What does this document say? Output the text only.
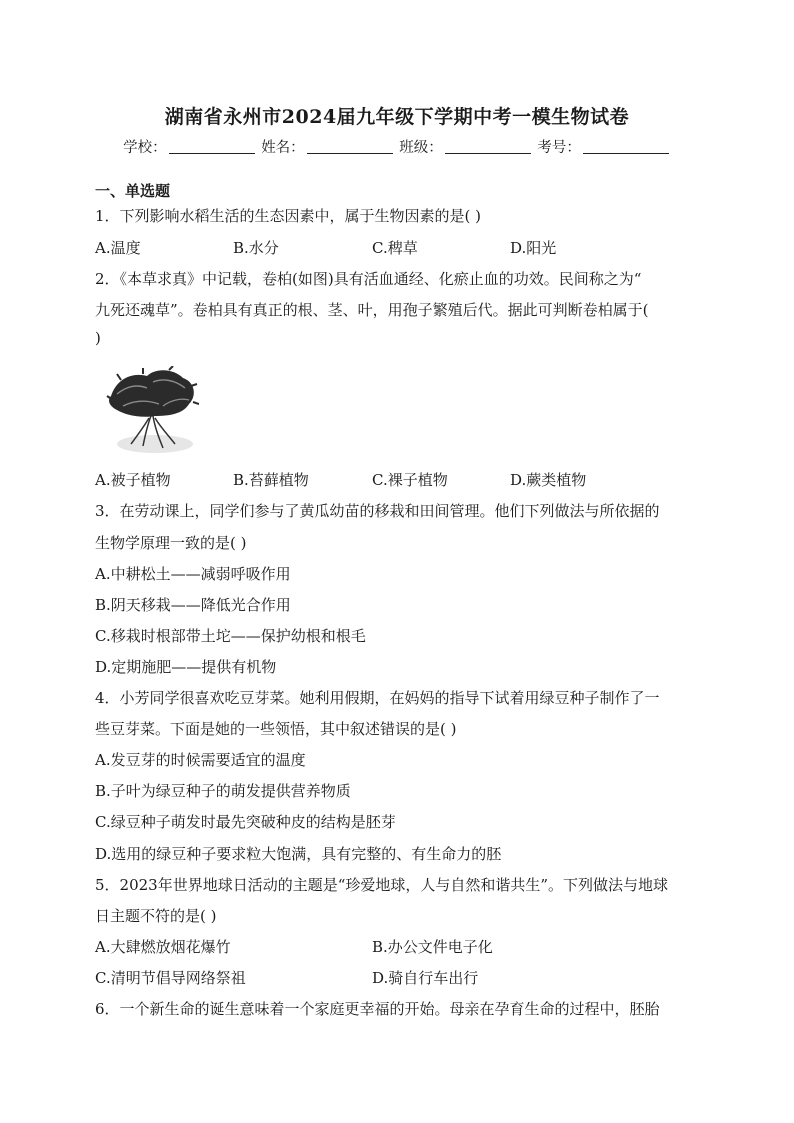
湖南省永州市2024届九年级下学期中考一模生物试卷
学校：	姓名：	班级：	考号：
一、单选题
1．下列影响水稻生活的生态因素中，属于生物因素的是( )
A.温度	B.水分	C.稗草	D.阳光
2．《本草求真》中记载，卷柏(如图)具有活血通经、化瘀止血的功效。民间称之为“
九死还魂草”。卷柏具有真正的根、茎、叶，用孢子繁殖后代。据此可判断卷柏属于(
)
A.被子植物	B.苔藓植物	C.裸子植物	D.蕨类植物
3．在劳动课上，同学们参与了黄瓜幼苗的移栽和田间管理。他们下列做法与所依据的
生物学原理一致的是( )
A.中耕松土——减弱呼吸作用
B.阴天移栽——降低光合作用
C.移栽时根部带土坨——保护幼根和根毛
D.定期施肥——提供有机物
4．小芳同学很喜欢吃豆芽菜。她利用假期，在妈妈的指导下试着用绿豆种子制作了一
些豆芽菜。下面是她的一些领悟，其中叙述错误的是( )
A.发豆芽的时候需要适宜的温度
B.子叶为绿豆种子的萌发提供营养物质
C.绿豆种子萌发时最先突破种皮的结构是胚芽
D.选用的绿豆种子要求粒大饱满，具有完整的、有生命力的胚
5．2023年世界地球日活动的主题是“珍爱地球，人与自然和谐共生”。下列做法与地球
日主题不符的是( )
A.大肆燃放烟花爆竹	B.办公文件电子化
C.清明节倡导网络祭祖	D.骑自行车出行
6．一个新生命的诞生意味着一个家庭更幸福的开始。母亲在孕育生命的过程中，胚胎
